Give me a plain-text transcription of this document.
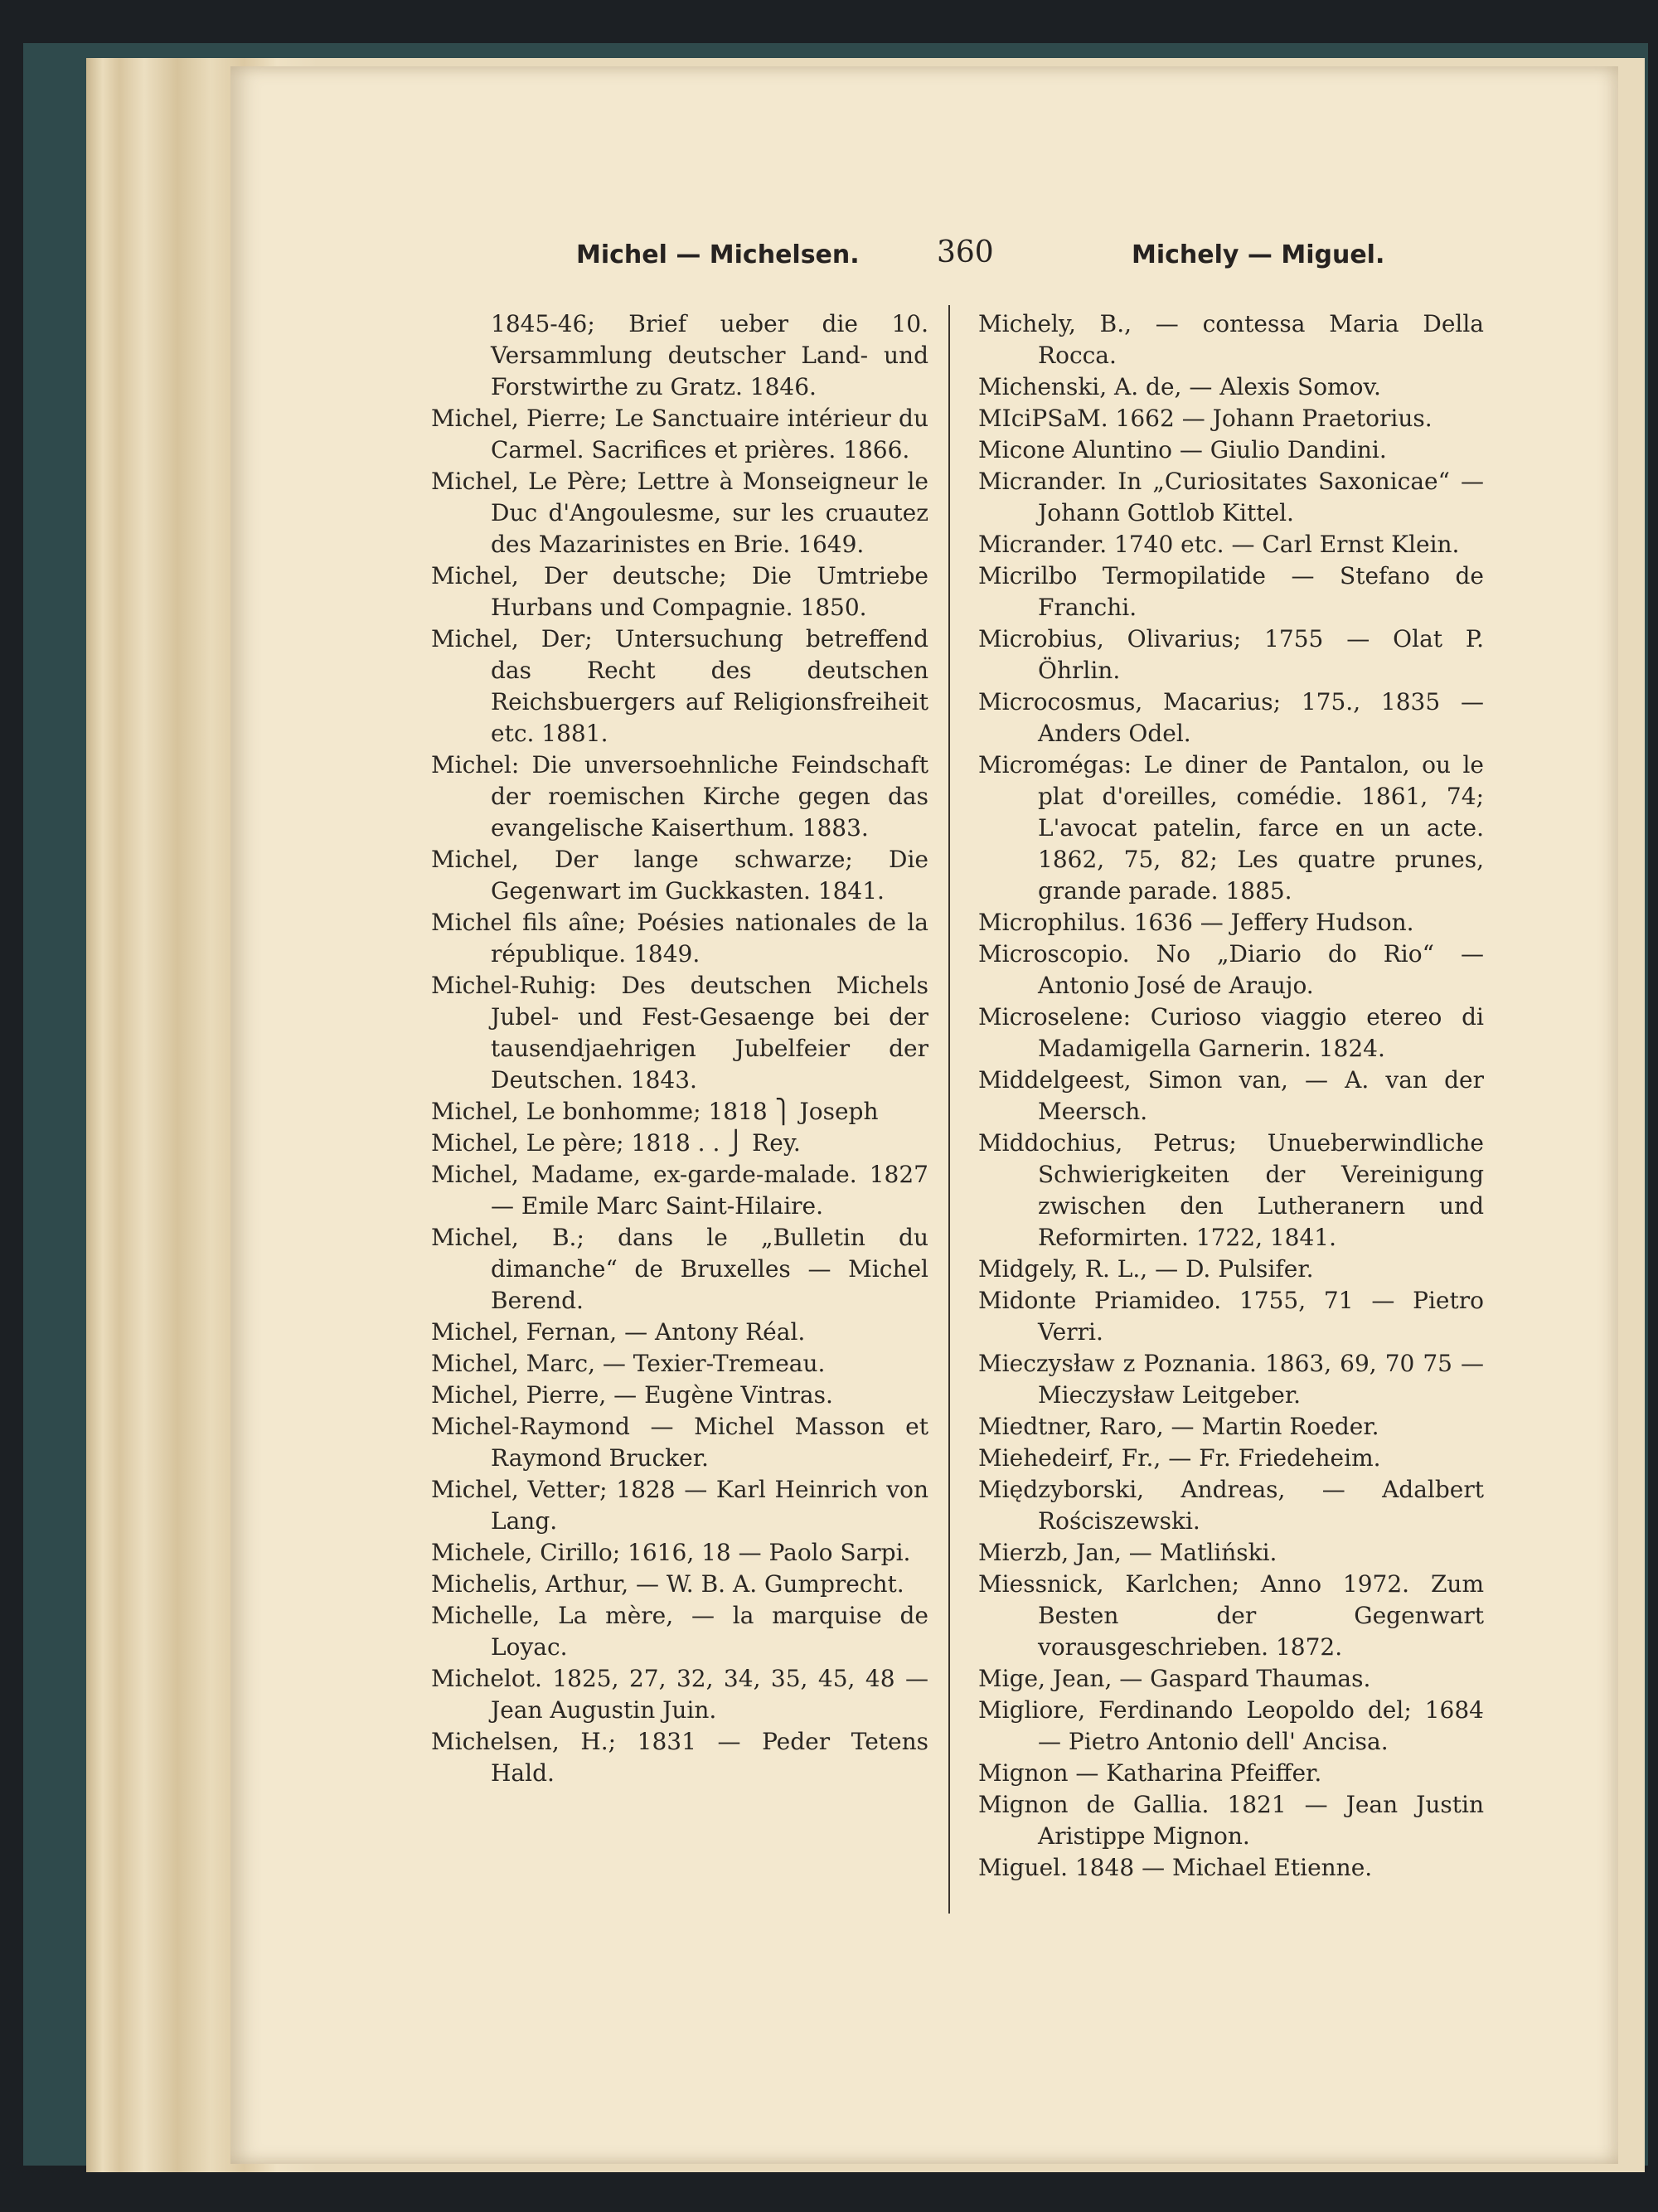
Michel — Michelsen.	360	Michely — Miguel.

1845-46; Brief ueber die 10. Versammlung deutscher Land- und Forstwirthe zu Gratz. 1846.

Michel, Pierre; Le Sanctuaire intérieur du Carmel. Sacrifices et prières. 1866.

Michel, Le Père; Lettre à Monseigneur le Duc d'Angoulesme, sur les cruautez des Mazarinistes en Brie. 1649.

Michel, Der deutsche; Die Umtriebe Hurbans und Compagnie. 1850.

Michel, Der; Untersuchung betreffend das Recht des deutschen Reichsbuergers auf Religionsfreiheit etc. 1881.

Michel: Die unversoehnliche Feindschaft der roemischen Kirche gegen das evangelische Kaiserthum. 1883.

Michel, Der lange schwarze; Die Gegenwart im Guckkasten. 1841.

Michel fils aîne; Poésies nationales de la république. 1849.

Michel-Ruhig: Des deutschen Michels Jubel- und Fest-Gesaenge bei der tausendjaehrigen Jubelfeier der Deutschen. 1843.

Michel, Le bonhomme; 1818 ⎫ Joseph

Michel, Le père; 1818 . . ⎭ Rey.

Michel, Madame, ex-garde-malade. 1827 — Emile Marc Saint-Hilaire.

Michel, B.; dans le „Bulletin du dimanche“ de Bruxelles — Michel Berend.

Michel, Fernan, — Antony Réal.

Michel, Marc, — Texier-Tremeau.

Michel, Pierre, — Eugène Vintras.

Michel-Raymond — Michel Masson et Raymond Brucker.

Michel, Vetter; 1828 — Karl Heinrich von Lang.

Michele, Cirillo; 1616, 18 — Paolo Sarpi.

Michelis, Arthur, — W. B. A. Gumprecht.

Michelle, La mère, — la marquise de Loyac.

Michelot. 1825, 27, 32, 34, 35, 45, 48 — Jean Augustin Juin.

Michelsen, H.; 1831 — Peder Tetens Hald.

Michely, B., — contessa Maria Della Rocca.

Michenski, A. de, — Alexis Somov.

MIciPSaM. 1662 — Johann Praetorius.

Micone Aluntino — Giulio Dandini.

Micrander. In „Curiositates Saxonicae“ — Johann Gottlob Kittel.

Micrander. 1740 etc. — Carl Ernst Klein.

Micrilbo Termopilatide — Stefano de Franchi.

Microbius, Olivarius; 1755 — Olat P. Öhrlin.

Microcosmus, Macarius; 175., 1835 — Anders Odel.

Micromégas: Le diner de Pantalon, ou le plat d'oreilles, comédie. 1861, 74; L'avocat patelin, farce en un acte. 1862, 75, 82; Les quatre prunes, grande parade. 1885.

Microphilus. 1636 — Jeffery Hudson.

Microscopio. No „Diario do Rio“ — Antonio José de Araujo.

Microselene: Curioso viaggio etereo di Madamigella Garnerin. 1824.

Middelgeest, Simon van, — A. van der Meersch.

Middochius, Petrus; Unueberwindliche Schwierigkeiten der Vereinigung zwischen den Lutheranern und Reformirten. 1722, 1841.

Midgely, R. L., — D. Pulsifer.

Midonte Priamideo. 1755, 71 — Pietro Verri.

Mieczysław z Poznania. 1863, 69, 70 75 — Mieczysław Leitgeber.

Miedtner, Raro, — Martin Roeder.

Miehedeirf, Fr., — Fr. Friedeheim.

Międzyborski, Andreas, — Adalbert Rościszewski.

Mierzb, Jan, — Matliński.

Miessnick, Karlchen; Anno 1972. Zum Besten der Gegenwart vorausgeschrieben. 1872.

Mige, Jean, — Gaspard Thaumas.

Migliore, Ferdinando Leopoldo del; 1684 — Pietro Antonio dell' Ancisa.

Mignon — Katharina Pfeiffer.

Mignon de Gallia. 1821 — Jean Justin Aristippe Mignon.

Miguel. 1848 — Michael Etienne.
